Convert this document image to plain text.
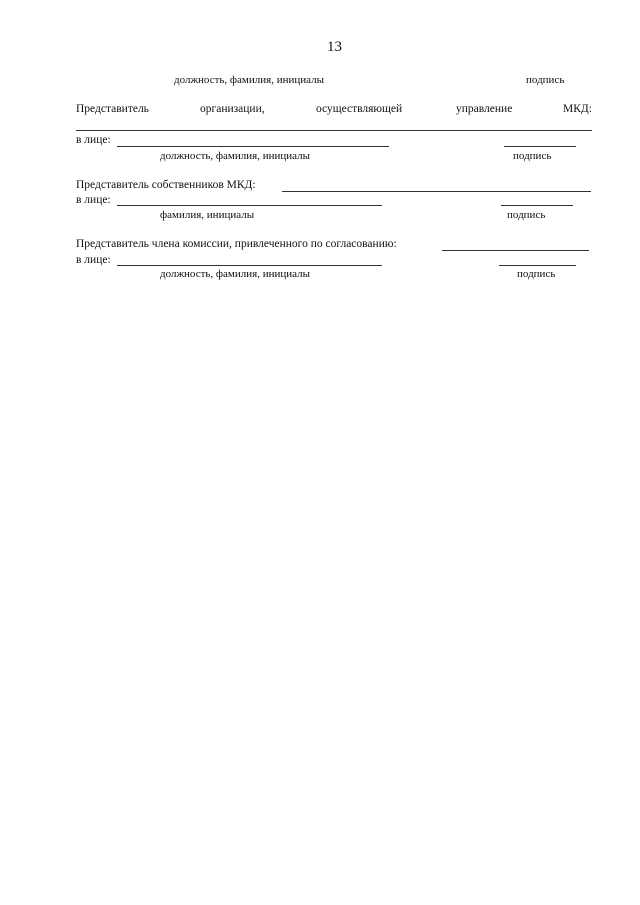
13
должность, фамилия, инициалы	подпись
Представитель	организации,	осуществляющей	управление	МКД:
в лице:
должность, фамилия, инициалы	подпись
Представитель собственников МКД:
в лице:
фамилия, инициалы	подпись
Представитель члена комиссии, привлеченного по согласованию:
в лице:
должность, фамилия, инициалы	подпись
